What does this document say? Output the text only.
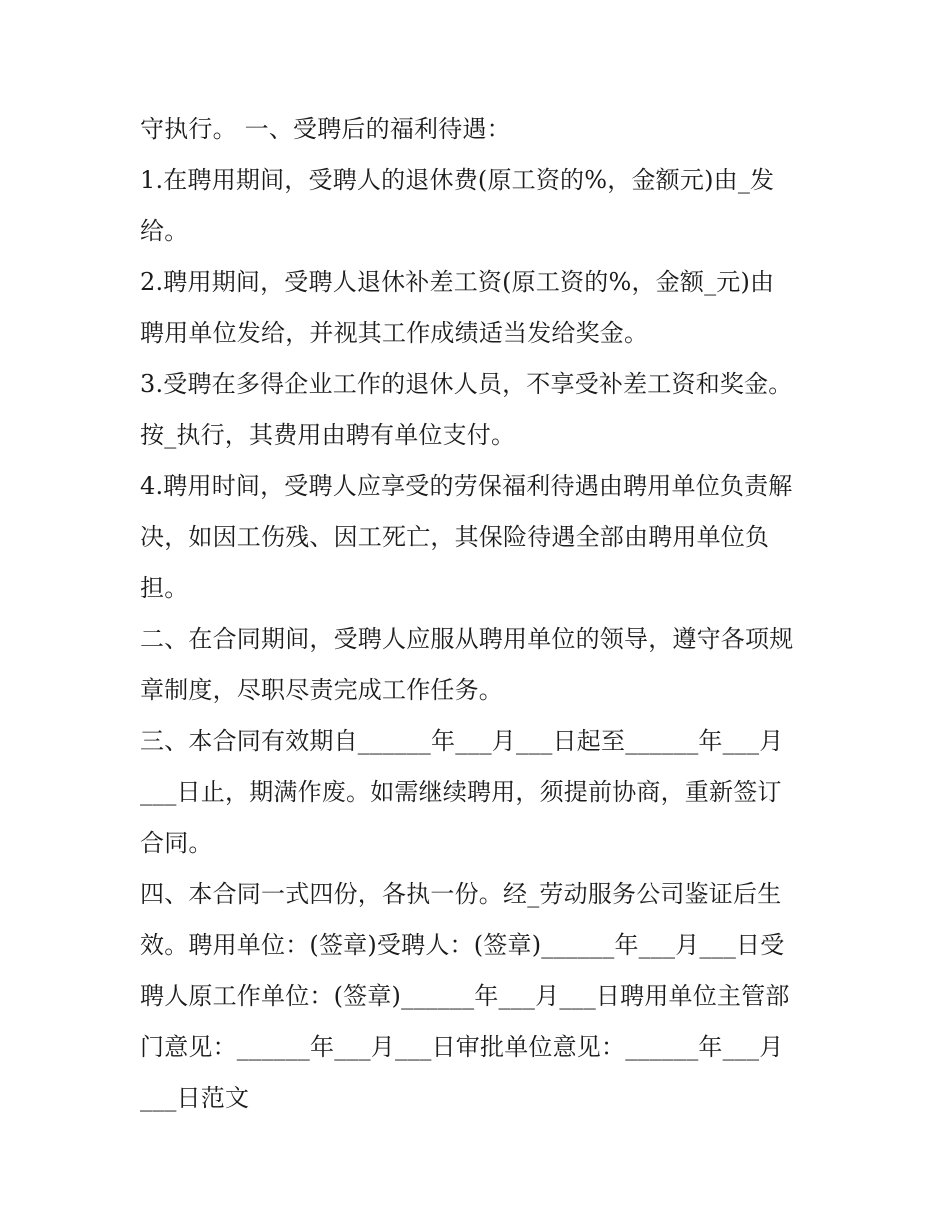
守执行。 一、受聘后的福利待遇：
1.在聘用期间，受聘人的退休费(原工资的%，金额元)由_发
给。
2.聘用期间，受聘人退休补差工资(原工资的%，金额_元)由
聘用单位发给，并视其工作成绩适当发给奖金。
3.受聘在多得企业工作的退休人员，不享受补差工资和奖金。
按_执行，其费用由聘有单位支付。
4.聘用时间，受聘人应享受的劳保福利待遇由聘用单位负责解
决，如因工伤残、因工死亡，其保险待遇全部由聘用单位负
担。
二、在合同期间，受聘人应服从聘用单位的领导，遵守各项规
章制度，尽职尽责完成工作任务。
三、本合同有效期自______年___月___日起至______年___月
___日止，期满作废。如需继续聘用，须提前协商，重新签订
合同。
四、本合同一式四份，各执一份。经_劳动服务公司鉴证后生
效。聘用单位：(签章)受聘人：(签章)______年___月___日受
聘人原工作单位：(签章)______年___月___日聘用单位主管部
门意见：______年___月___日审批单位意见：______年___月
___日范文
